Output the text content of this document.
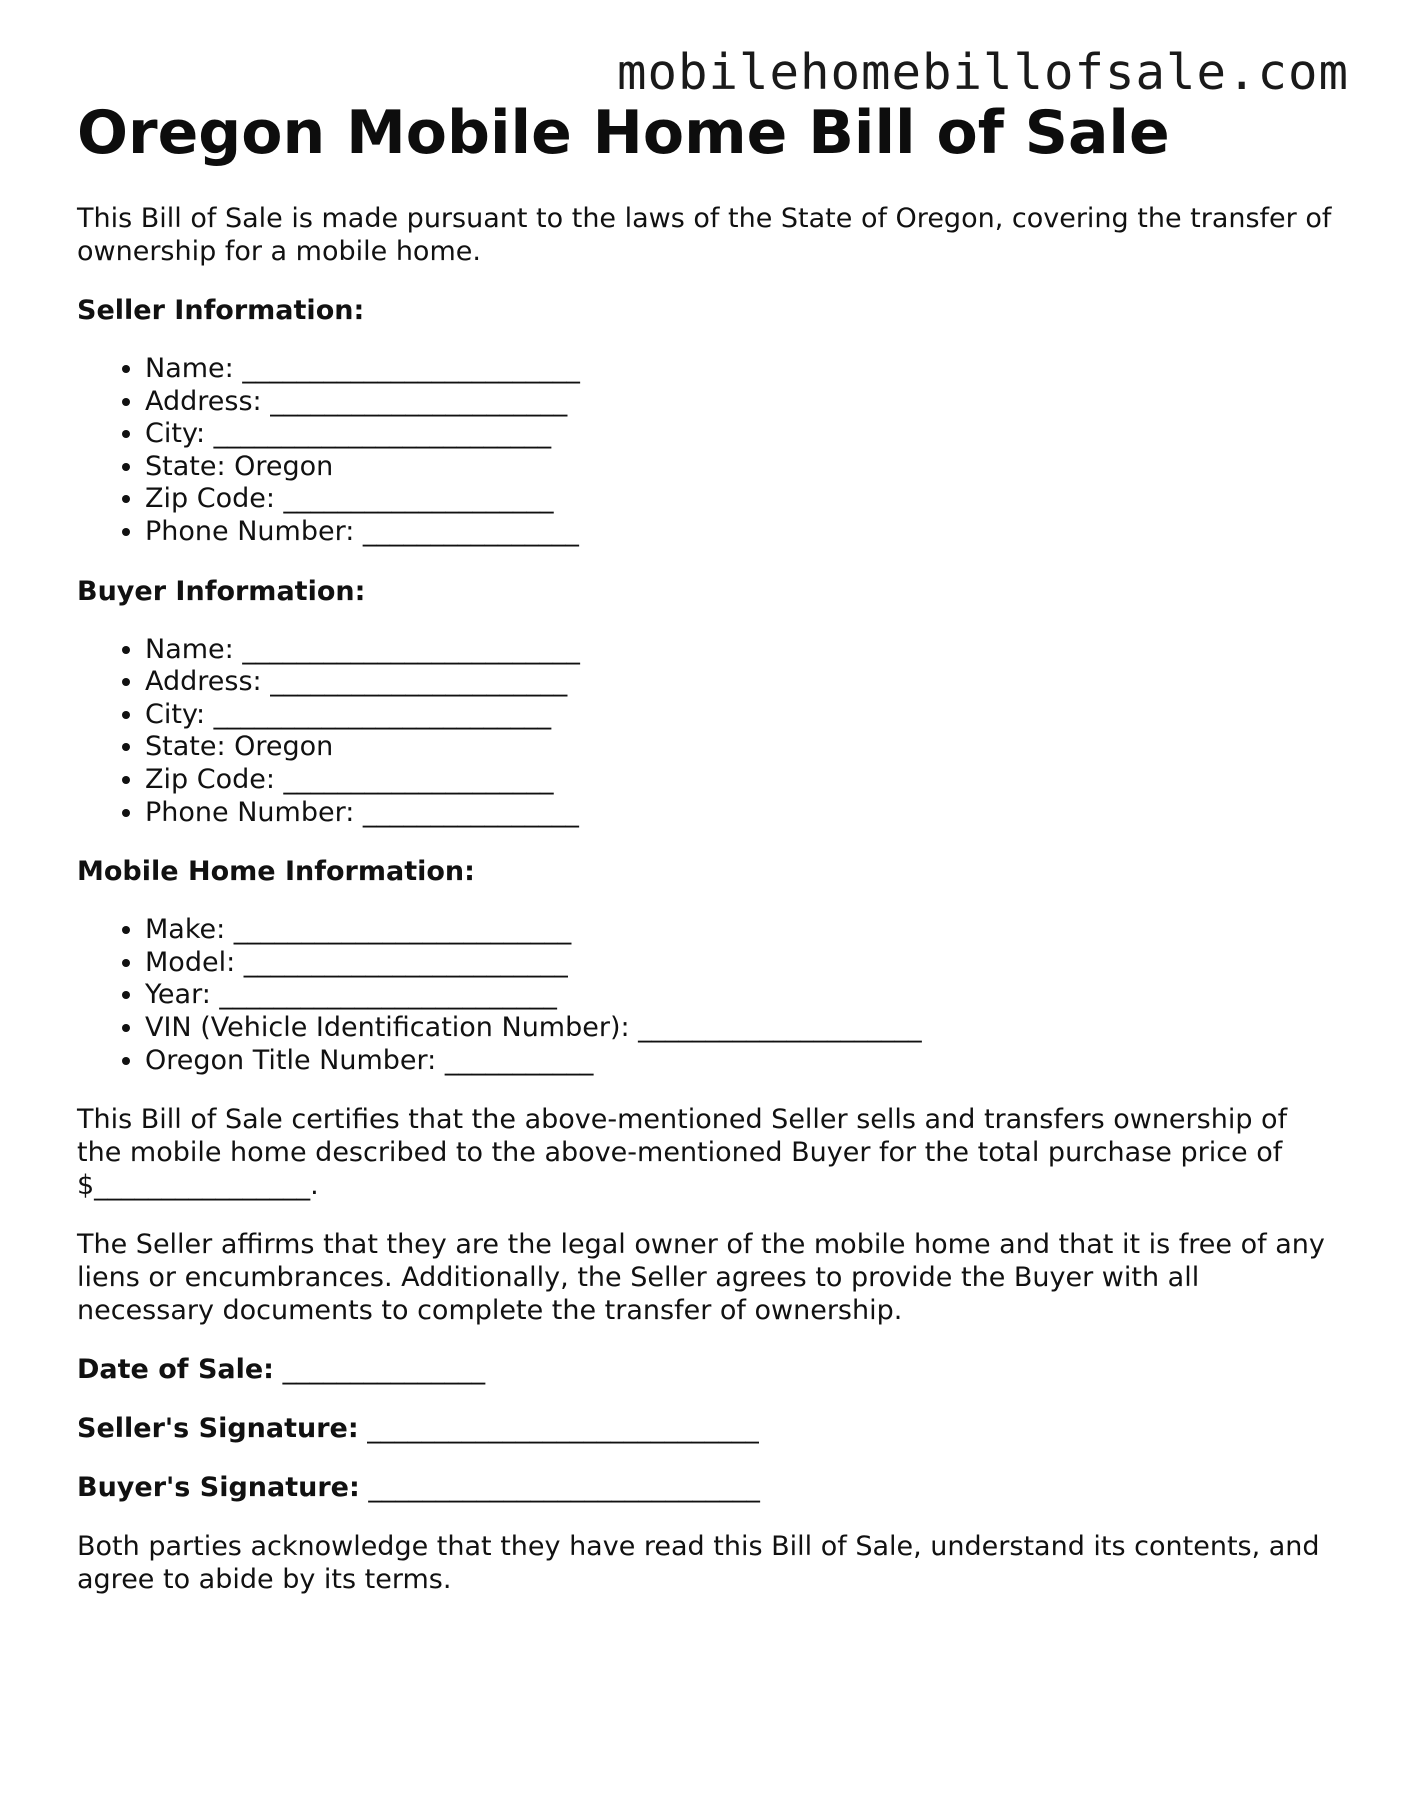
mobilehomebillofsale.com
Oregon Mobile Home Bill of Sale

This Bill of Sale is made pursuant to the laws of the State of Oregon, covering the transfer of ownership for a mobile home.

Seller Information:
• Name: _________________________
• Address: ______________________
• City: _________________________
• State: Oregon
• Zip Code: ____________________
• Phone Number: ________________
Buyer Information:
• Name: _________________________
• Address: ______________________
• City: _________________________
• State: Oregon
• Zip Code: ____________________
• Phone Number: ________________
Mobile Home Information:
• Make: _________________________
• Model: ________________________
• Year: _________________________
• VIN (Vehicle Identification Number): _____________________
• Oregon Title Number: ___________

This Bill of Sale certifies that the above-mentioned Seller sells and transfers ownership of the mobile home described to the above-mentioned Buyer for the total purchase price of $________________.

The Seller affirms that they are the legal owner of the mobile home and that it is free of any liens or encumbrances. Additionally, the Seller agrees to provide the Buyer with all necessary documents to complete the transfer of ownership.

Date of Sale: _______________
Seller's Signature: _____________________________
Buyer's Signature: _____________________________

Both parties acknowledge that they have read this Bill of Sale, understand its contents, and agree to abide by its terms.
